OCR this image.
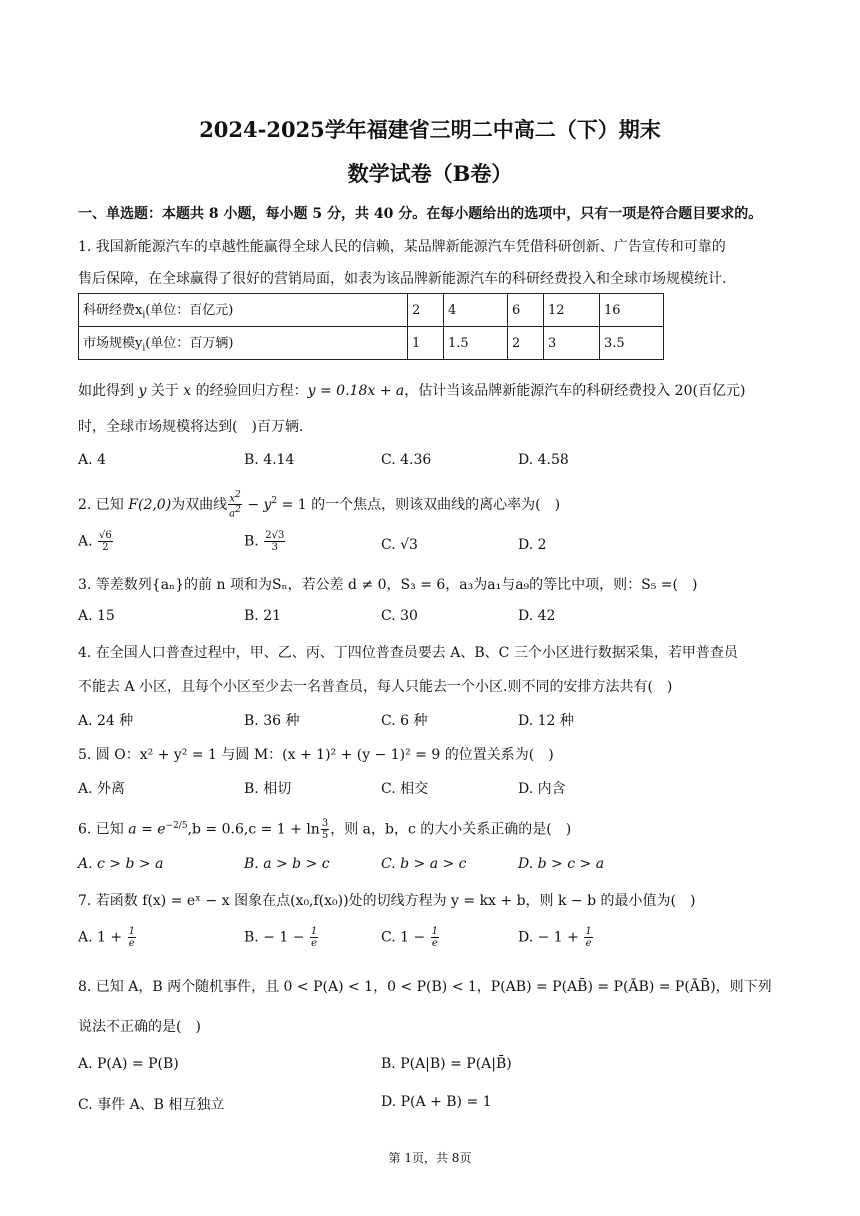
2024-2025学年福建省三明二中高二（下）期末
数学试卷（B卷）
一、单选题：本题共 8 小题，每小题 5 分，共 40 分。在每小题给出的选项中，只有一项是符合题目要求的。
1. 我国新能源汽车的卓越性能赢得全球人民的信赖，某品牌新能源汽车凭借科研创新、广告宣传和可靠的
售后保障，在全球赢得了很好的营销局面，如表为该品牌新能源汽车的科研经费投入和全球市场规模统计.
科研经费$x_i$(单位：百亿元)	2	4	6	12	16
市场规模$y_i$(单位：百万辆)	1	1.5	2	3	3.5
如此得到 y 关于 x 的经验回归方程：y = 0.18x + a，估计当该品牌新能源汽车的科研经费投入 20(百亿元)
时，全球市场规模将达到(　)百万辆.
A. 4	B. 4.14	C. 4.36	D. 4.58
2. 已知 F(2,0)为双曲线 $\frac{x^2}{a^2} - y^2 = 1$ 的一个焦点，则该双曲线的离心率为(　)
A. $\frac{√6}{2}$	B. $\frac{2√3}{3}$	C. √3	D. 2
3. 等差数列{aₙ}的前 n 项和为Sₙ，若公差 d ≠ 0，S₃ = 6，a₃为a₁与a₉的等比中项，则：S₅ =(　)
A. 15	B. 21	C. 30	D. 42
4. 在全国人口普查过程中，甲、乙、丙、丁四位普查员要去 A、B、C 三个小区进行数据采集，若甲普查员
不能去 A 小区，且每个小区至少去一名普查员，每人只能去一个小区.则不同的安排方法共有(　)
A. 24 种	B. 36 种	C. 6 种	D. 12 种
5. 圆 O：x² + y² = 1 与圆 M：(x + 1)² + (y − 1)² = 9 的位置关系为(　)
A. 外离	B. 相切	C. 相交	D. 内含
6. 已知 $a = e^{-2/5},b = 0.6,c = 1 + \ln \frac{3}{5}$ ，则 a，b，c 的大小关系正确的是(　)
A. c > b > a	B. a > b > c	C. b > a > c	D. b > c > a
7. 若函数 f(x) = eˣ − x 图象在点(x₀,f(x₀))处的切线方程为 y = kx + b，则 k − b 的最小值为(　)
A. $1 + \frac{1}{e}$	B. − $1 - \frac{1}{e}$	C. $1 - \frac{1}{e}$	D. − $1 + \frac{1}{e}$
8. 已知 A，B 两个随机事件，且 0 < P(A) < 1，0 < P(B) < 1，P(AB) = P(AB̄) = P(ĀB) = P(ĀB̄)，则下列
说法不正确的是(　)
A. P(A) = P(B)	B. P(A|B) = P(A|B̄)
C. 事件 A、B 相互独立	D. P(A + B) = 1
第 1页，共 8页
